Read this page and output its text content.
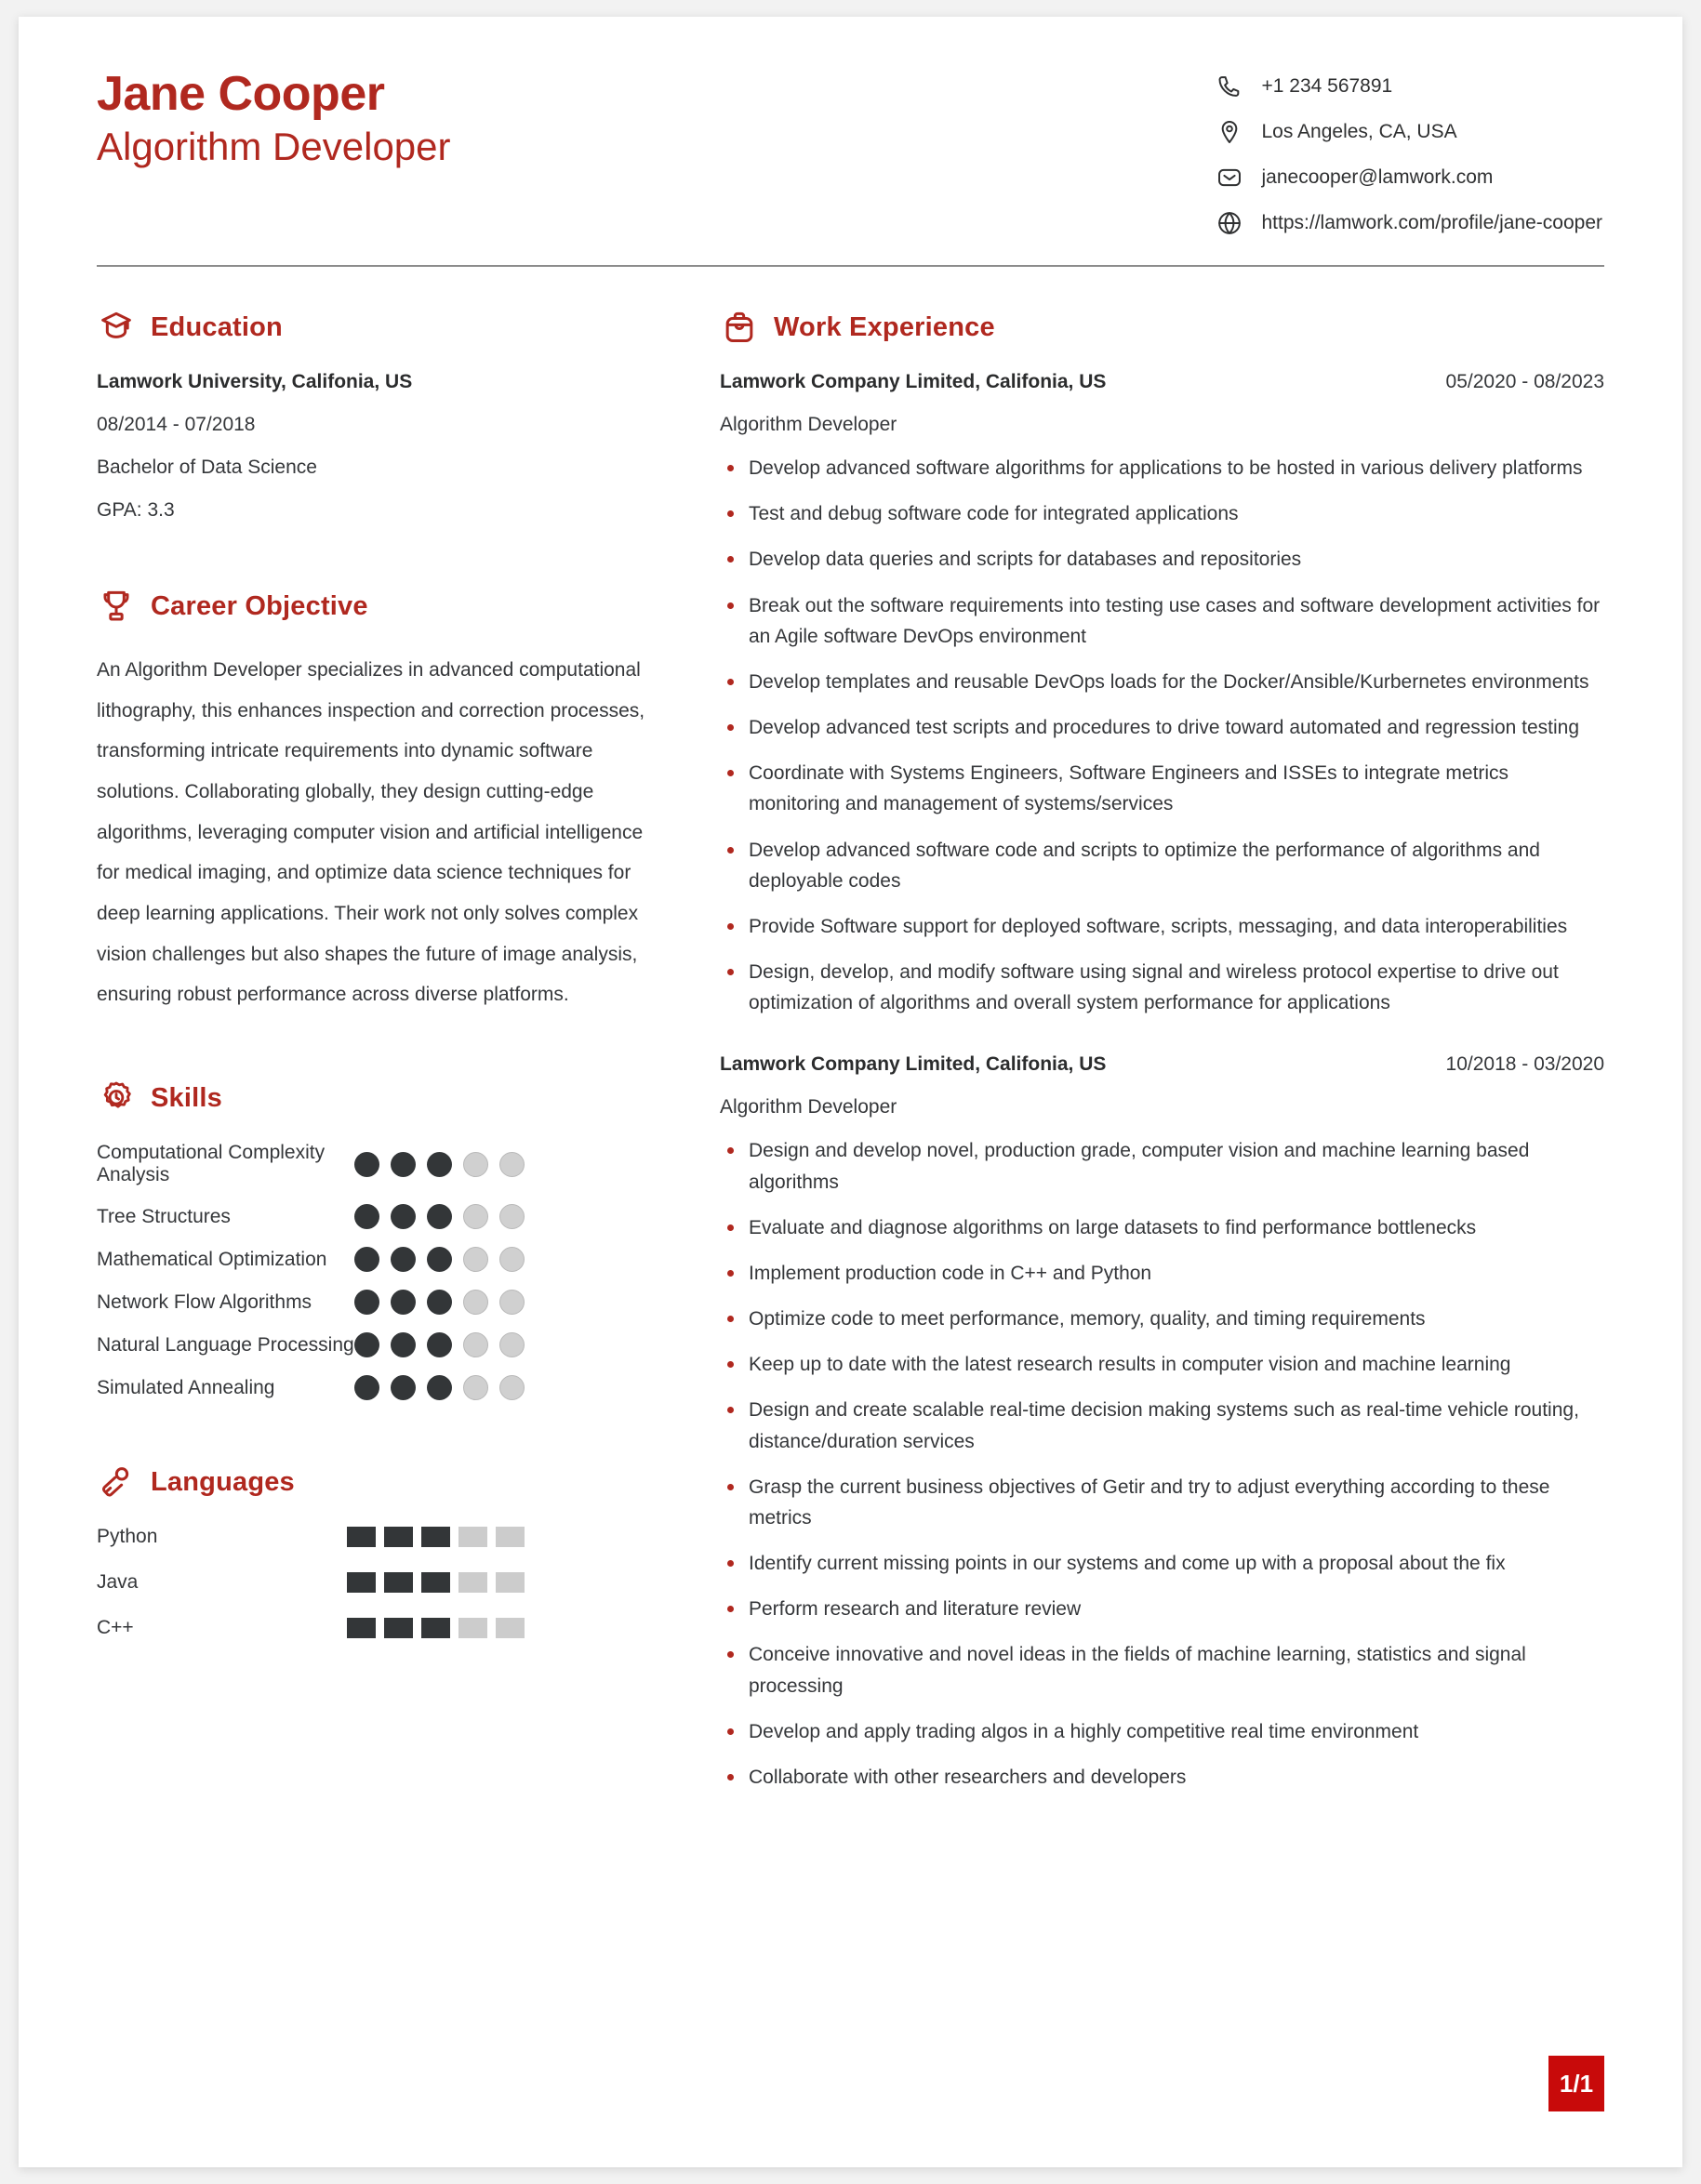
Jane Cooper
Algorithm Developer
+1 234 567891
Los Angeles, CA, USA
janecooper@lamwork.com
https://lamwork.com/profile/jane-cooper
Education
Lamwork University, Califonia, US
08/2014 - 07/2018
Bachelor of Data Science
GPA: 3.3
Career Objective
An Algorithm Developer specializes in advanced computational lithography, this enhances inspection and correction processes, transforming intricate requirements into dynamic software solutions. Collaborating globally, they design cutting-edge algorithms, leveraging computer vision and artificial intelligence for medical imaging, and optimize data science techniques for deep learning applications. Their work not only solves complex vision challenges but also shapes the future of image analysis, ensuring robust performance across diverse platforms.
Skills
Computational Complexity Analysis
Tree Structures
Mathematical Optimization
Network Flow Algorithms
Natural Language Processing
Simulated Annealing
Languages
Python
Java
C++
Work Experience
Lamwork Company Limited, Califonia, US	05/2020 - 08/2023
Algorithm Developer
Develop advanced software algorithms for applications to be hosted in various delivery platforms
Test and debug software code for integrated applications
Develop data queries and scripts for databases and repositories
Break out the software requirements into testing use cases and software development activities for an Agile software DevOps environment
Develop templates and reusable DevOps loads for the Docker/Ansible/Kurbernetes environments
Develop advanced test scripts and procedures to drive toward automated and regression testing
Coordinate with Systems Engineers, Software Engineers and ISSEs to integrate metrics monitoring and management of systems/services
Develop advanced software code and scripts to optimize the performance of algorithms and deployable codes
Provide Software support for deployed software, scripts, messaging, and data interoperabilities
Design, develop, and modify software using signal and wireless protocol expertise to drive out optimization of algorithms and overall system performance for applications
Lamwork Company Limited, Califonia, US	10/2018 - 03/2020
Algorithm Developer
Design and develop novel, production grade, computer vision and machine learning based algorithms
Evaluate and diagnose algorithms on large datasets to find performance bottlenecks
Implement production code in C++ and Python
Optimize code to meet performance, memory, quality, and timing requirements
Keep up to date with the latest research results in computer vision and machine learning
Design and create scalable real-time decision making systems such as real-time vehicle routing, distance/duration services
Grasp the current business objectives of Getir and try to adjust everything according to these metrics
Identify current missing points in our systems and come up with a proposal about the fix
Perform research and literature review
Conceive innovative and novel ideas in the fields of machine learning, statistics and signal processing
Develop and apply trading algos in a highly competitive real time environment
Collaborate with other researchers and developers
1/1
